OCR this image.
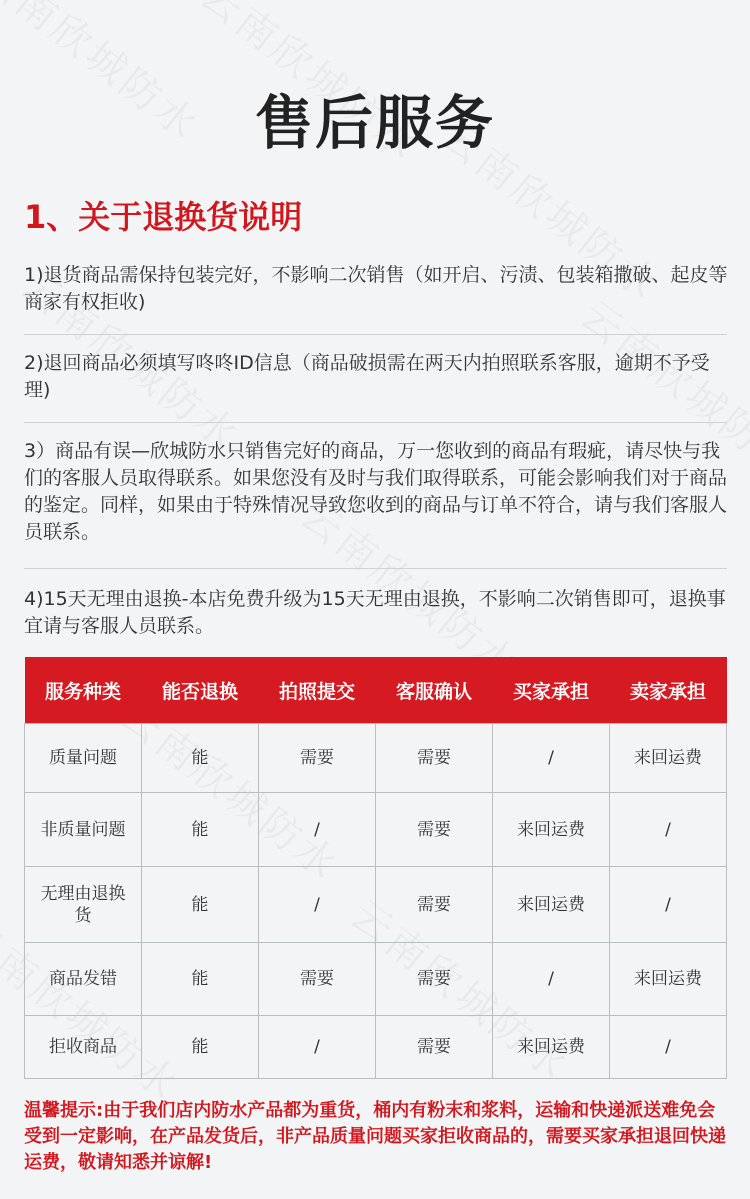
售后服务
1、关于退换货说明
1)退货商品需保持包装完好，不影响二次销售（如开启、污渍、包装箱撒破、起皮等商家有权拒收)
2)退回商品必须填写咚咚ID信息（商品破损需在两天内拍照联系客服，逾期不予受理)
3）商品有误—欣城防水只销售完好的商品，万一您收到的商品有瑕疵，请尽快与我们的客服人员取得联系。如果您没有及时与我们取得联系，可能会影响我们对于商品的鉴定。同样，如果由于特殊情况导致您收到的商品与订单不符合，请与我们客服人员联系。
4)15天无理由退换-本店免费升级为15天无理由退换，不影响二次销售即可，退换事宜请与客服人员联系。
服务种类	能否退换	拍照提交	客服确认	买家承担	卖家承担
质量问题	能	需要	需要	/	来回运费
非质量问题	能	/	需要	来回运费	/
无理由退换货	能	/	需要	来回运费	/
商品发错	能	需要	需要	/	来回运费
拒收商品	能	/	需要	来回运费	/
温馨提示:由于我们店内防水产品都为重货，桶内有粉末和浆料，运输和快递派送难免会受到一定影响，在产品发货后，非产品质量问题买家拒收商品的，需要买家承担退回快递运费，敬请知悉并谅解!
